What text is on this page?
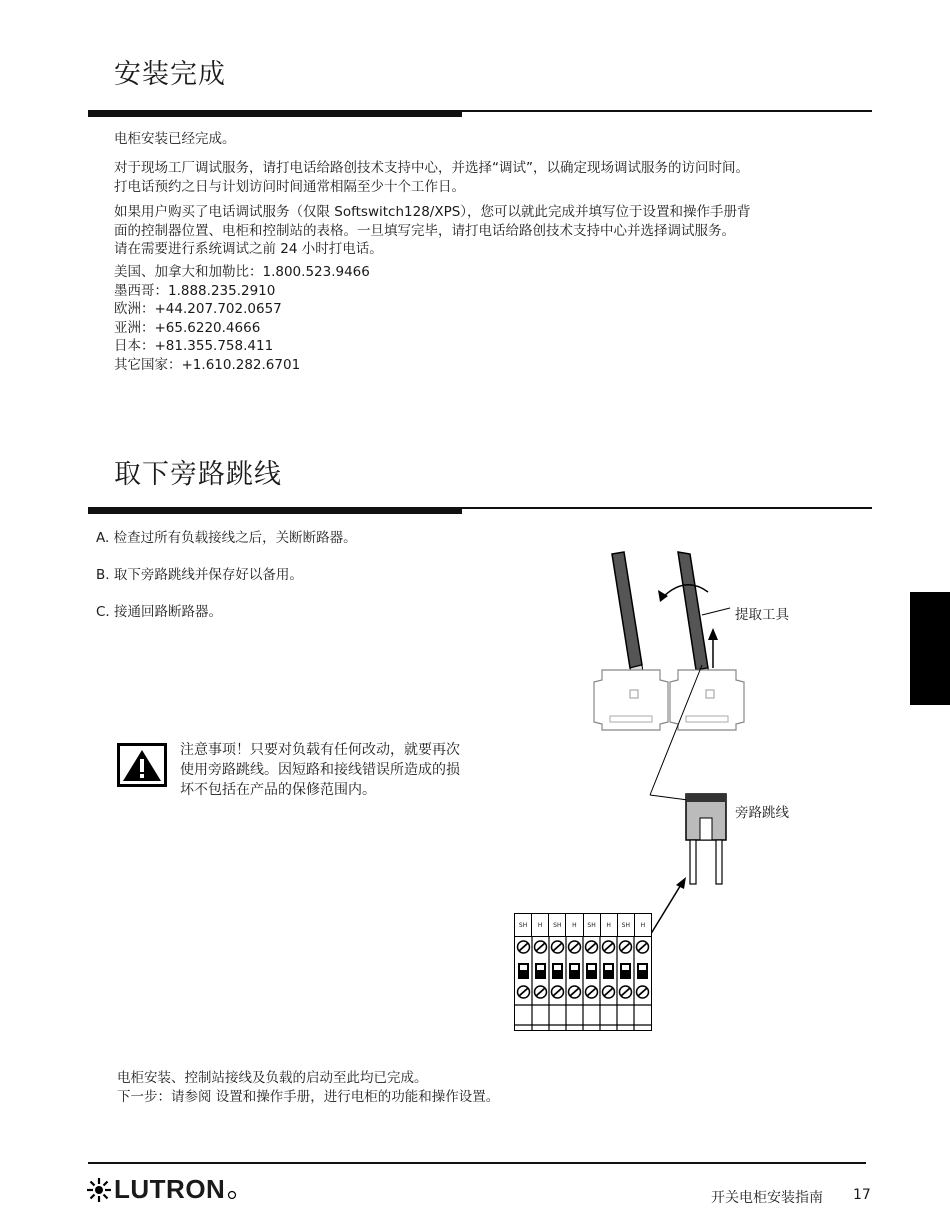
安装完成
电柜安装已经完成。
对于现场工厂调试服务，请打电话给路创技术支持中心，并选择“调试”，以确定现场调试服务的访问时间。
打电话预约之日与计划访问时间通常相隔至少十个工作日。
如果用户购买了电话调试服务（仅限 Softswitch128/XPS），您可以就此完成并填写位于设置和操作手册背
面的控制器位置、电柜和控制站的表格。一旦填写完毕，请打电话给路创技术支持中心并选择调试服务。
请在需要进行系统调试之前 24 小时打电话。
美国、加拿大和加勒比：1.800.523.9466
墨西哥：1.888.235.2910
欧洲：+44.207.702.0657
亚洲：+65.6220.4666
日本：+81.355.758.411
其它国家：+1.610.282.6701
取下旁路跳线
A. 检查过所有负载接线之后，关断断路器。
B. 取下旁路跳线并保存好以备用。
C. 接通回路断路器。	提取工具
旁路跳线
SH	H	SH	H	SH	H	SH	H
注意事项！只要对负载有任何改动，就要再次
使用旁路跳线。因短路和接线错误所造成的损
坏不包括在产品的保修范围内。
电柜安装、控制站接线及负载的启动至此均已完成。
下一步：请参阅 设置和操作手册，进行电柜的功能和操作设置。
LUTRON	开关电柜安装指南 17
